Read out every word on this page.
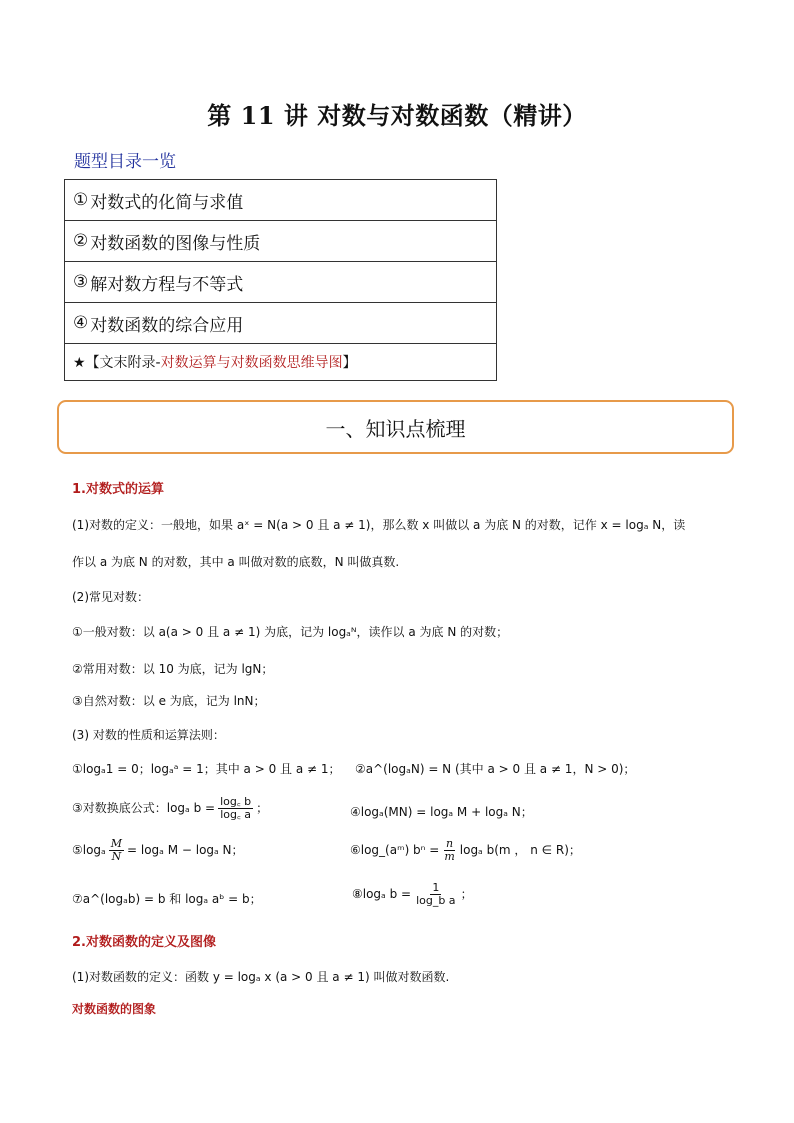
第 11 讲 对数与对数函数（精讲）
题型目录一览
① 对数式的化简与求值
② 对数函数的图像与性质
③ 解对数方程与不等式
④ 对数函数的综合应用
★【文末附录- 对数运算与对数函数思维导图 】
一、知识点梳理
1.对数式的运算
(1)对数的定义：一般地，如果 aˣ = N(a > 0 且 a ≠ 1)，那么数 x 叫做以 a 为底 N 的对数，记作 x = logₐ N，读
作以 a 为底 N 的对数，其中 a 叫做对数的底数，N 叫做真数.
(2)常见对数：
①一般对数：以 a(a > 0 且 a ≠ 1) 为底，记为 logₐᴺ，读作以 a 为底 N 的对数；
②常用对数：以 10 为底，记为 lgN；
③自然对数：以 e 为底，记为 lnN；
(3) 对数的性质和运算法则：
①logₐ1 = 0；logₐᵃ = 1；其中 a > 0 且 a ≠ 1； ②a^(logₐN) = N (其中 a > 0 且 a ≠ 1，N > 0)；
③对数换底公式：logₐ $b = \frac{\log꜀ b}{\log꜀ a}$ ；	④logₐ(MN) = logₐ M + logₐ N；
⑤logₐ $\frac{M}{N} = \log_a$ M − logₐ N；	⑥log_(aᵐ) $b^n = \frac{n}{m}$ logₐ b(m ， n ∈ R)；
⑦a^(logₐb) = b 和 logₐ aᵇ = b；	⑧logₐ $b = \frac{1}{\text{log\_b a}}$ ；
2.对数函数的定义及图像
(1)对数函数的定义：函数 y = logₐ x (a > 0 且 a ≠ 1) 叫做对数函数.
对数函数的图象
